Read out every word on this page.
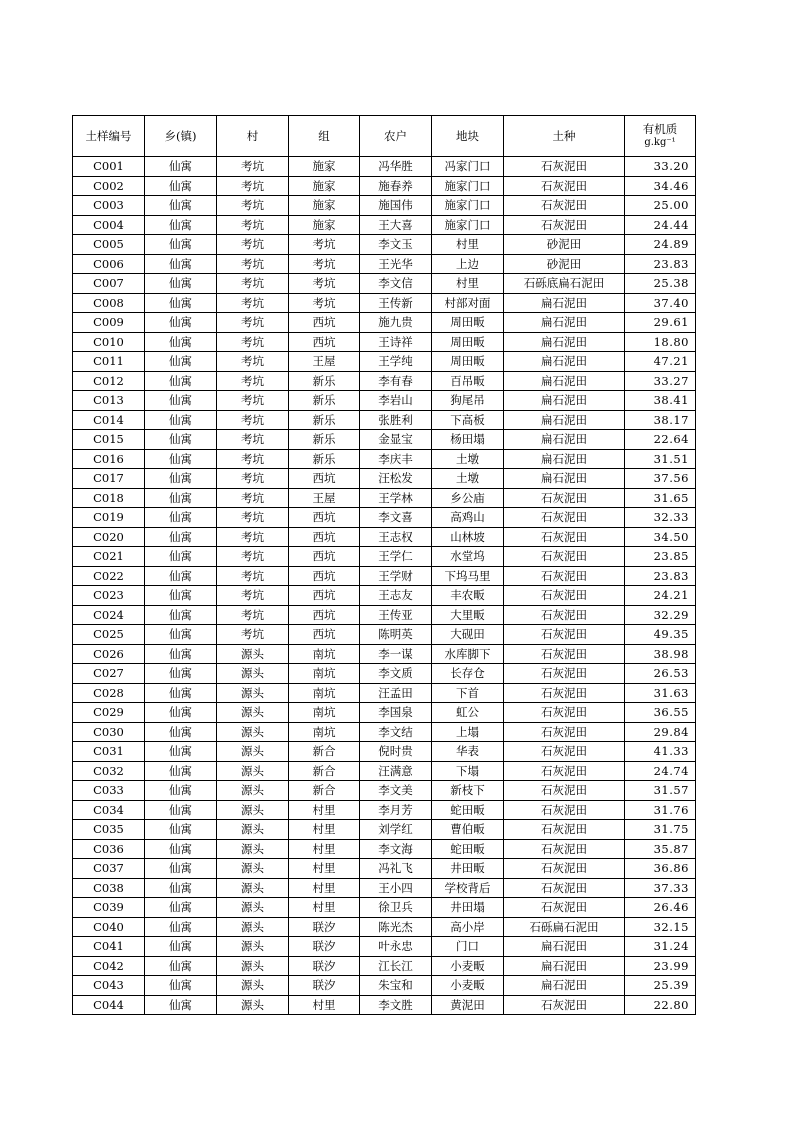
土样编号	乡(镇)	村	组	农户	地块	土种	有机质
g.kg⁻¹

C001	仙寓	考坑	施家	冯华胜	冯家门口	石灰泥田	33.20
C002	仙寓	考坑	施家	施春养	施家门口	石灰泥田	34.46
C003	仙寓	考坑	施家	施国伟	施家门口	石灰泥田	25.00
C004	仙寓	考坑	施家	王大喜	施家门口	石灰泥田	24.44
C005	仙寓	考坑	考坑	李文玉	村里	砂泥田	24.89
C006	仙寓	考坑	考坑	王光华	上边	砂泥田	23.83
C007	仙寓	考坑	考坑	李文信	村里	石砾底扁石泥田	25.38
C008	仙寓	考坑	考坑	王传新	村部对面	扁石泥田	37.40
C009	仙寓	考坑	西坑	施九贵	周田畈	扁石泥田	29.61
C010	仙寓	考坑	西坑	王诗祥	周田畈	扁石泥田	18.80
C011	仙寓	考坑	王屋	王学纯	周田畈	扁石泥田	47.21
C012	仙寓	考坑	新乐	李有春	百吊畈	扁石泥田	33.27
C013	仙寓	考坑	新乐	李岩山	狗尾吊	扁石泥田	38.41
C014	仙寓	考坑	新乐	张胜利	下高板	扁石泥田	38.17
C015	仙寓	考坑	新乐	金显宝	杨田塌	扁石泥田	22.64
C016	仙寓	考坑	新乐	李庆丰	土墩	扁石泥田	31.51
C017	仙寓	考坑	西坑	汪松发	土墩	扁石泥田	37.56
C018	仙寓	考坑	王屋	王学林	乡公庙	石灰泥田	31.65
C019	仙寓	考坑	西坑	李文喜	高鸡山	石灰泥田	32.33
C020	仙寓	考坑	西坑	王志权	山林坡	石灰泥田	34.50
C021	仙寓	考坑	西坑	王学仁	水堂坞	石灰泥田	23.85
C022	仙寓	考坑	西坑	王学财	下坞马里	石灰泥田	23.83
C023	仙寓	考坑	西坑	王志友	丰农畈	石灰泥田	24.21
C024	仙寓	考坑	西坑	王传亚	大里畈	石灰泥田	32.29
C025	仙寓	考坑	西坑	陈明英	大砚田	石灰泥田	49.35
C026	仙寓	源头	南坑	李一谋	水库脚下	石灰泥田	38.98
C027	仙寓	源头	南坑	李文质	长存仓	石灰泥田	26.53
C028	仙寓	源头	南坑	汪孟田	下首	石灰泥田	31.63
C029	仙寓	源头	南坑	李国泉	虹公	石灰泥田	36.55
C030	仙寓	源头	南坑	李文结	上塌	石灰泥田	29.84
C031	仙寓	源头	新合	倪时贵	华表	石灰泥田	41.33
C032	仙寓	源头	新合	汪满意	下塌	石灰泥田	24.74
C033	仙寓	源头	新合	李文美	新枝下	石灰泥田	31.57
C034	仙寓	源头	村里	李月芳	蛇田畈	石灰泥田	31.76
C035	仙寓	源头	村里	刘学红	曹伯畈	石灰泥田	31.75
C036	仙寓	源头	村里	李文海	蛇田畈	石灰泥田	35.87
C037	仙寓	源头	村里	冯礼飞	井田畈	石灰泥田	36.86
C038	仙寓	源头	村里	王小四	学校背后	石灰泥田	37.33
C039	仙寓	源头	村里	徐卫兵	井田塌	石灰泥田	26.46
C040	仙寓	源头	联汐	陈光杰	高小岸	石砾扁石泥田	32.15
C041	仙寓	源头	联汐	叶永忠	门口	扁石泥田	31.24
C042	仙寓	源头	联汐	江长江	小麦畈	扁石泥田	23.99
C043	仙寓	源头	联汐	朱宝和	小麦畈	扁石泥田	25.39
C044	仙寓	源头	村里	李文胜	黄泥田	石灰泥田	22.80
